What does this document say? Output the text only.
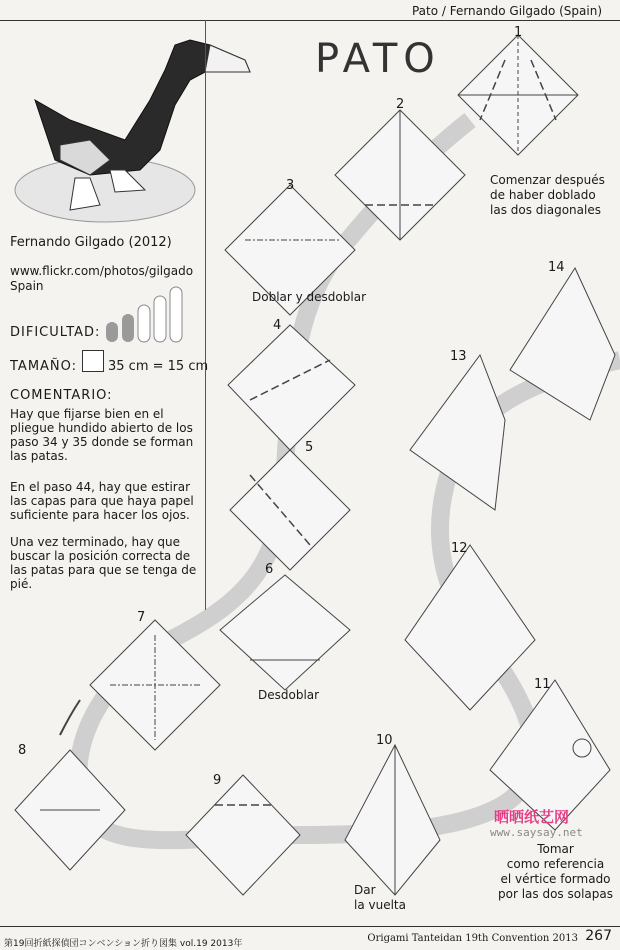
Pato / Fernando Gilgado (Spain)
PATO
Fernando Gilgado (2012)
www.flickr.com/photos/gilgado
Spain
DIFICULTAD:
TAMAÑO: 35 cm = 15 cm
COMENTARIO:
Hay que fijarse bien en el
pliegue hundido abierto de los
paso 34 y 35 donde se forman
las patas.
En el paso 44, hay que estirar
las capas para que haya papel
suficiente para hacer los ojos.
Una vez terminado, hay que
buscar la posición correcta de
las patas para que se tenga de
pié.
1
2
3
4
5
6
7
8
9
10
11
12
13
14
Comenzar después
de haber doblado
las dos diagonales
Doblar y desdoblar
Desdoblar
Dar
la vuelta
Tomar
como referencia
el vértice formado
por las dos solapas
晒晒纸艺网
www.saysay.net
第19回折紙探偵団コンベンション折り図集 vol.19 2013年	Origami Tanteidan 19th Convention 2013 267
